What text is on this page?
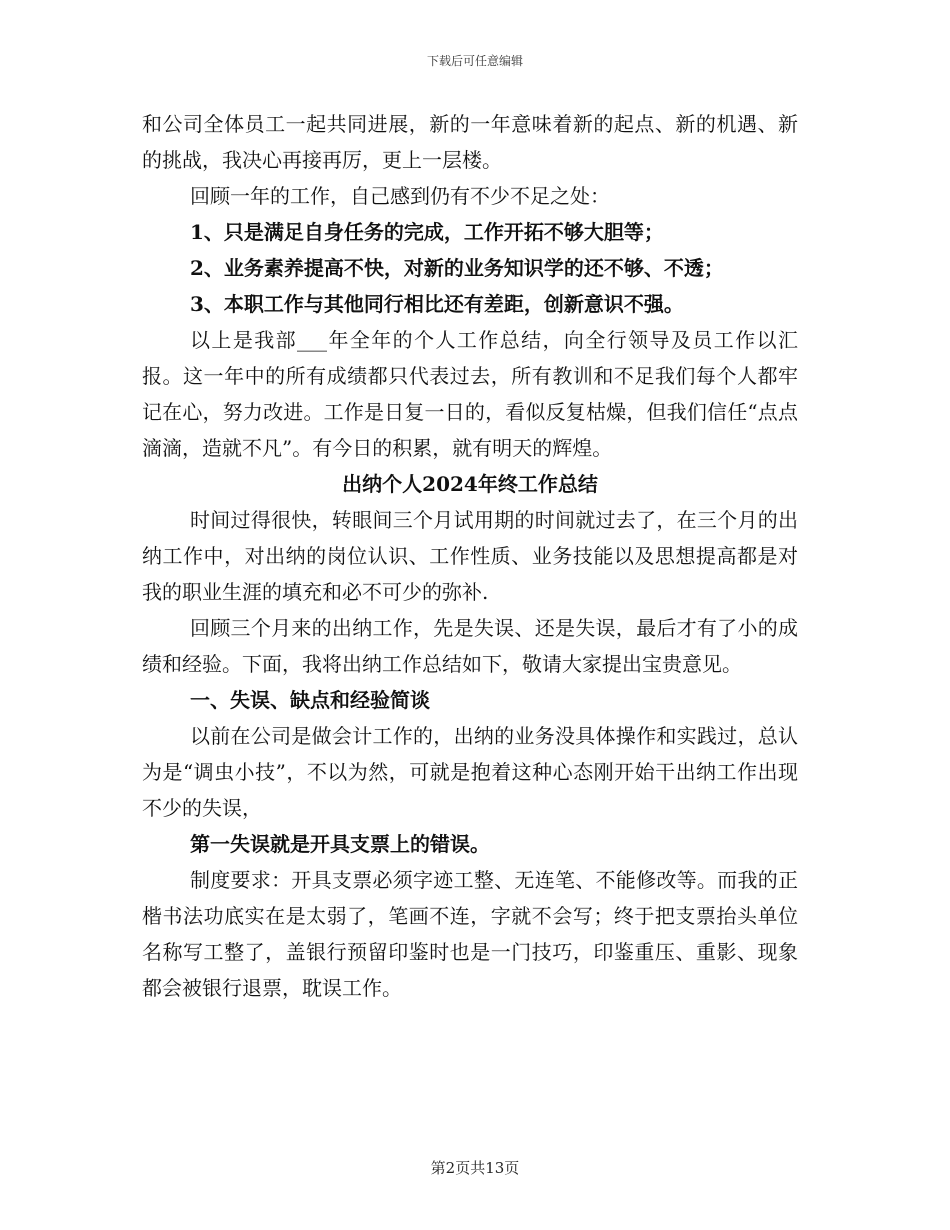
下载后可任意编辑

和公司全体员工一起共同进展，新的一年意味着新的起点、新的机遇、新的挑战，我决心再接再厉，更上一层楼。

回顾一年的工作，自己感到仍有不少不足之处：

1、只是满足自身任务的完成，工作开拓不够大胆等；

2、业务素养提高不快，对新的业务知识学的还不够、不透；

3、本职工作与其他同行相比还有差距，创新意识不强。

以上是我部___年全年的个人工作总结，向全行领导及员工作以汇报。这一年中的所有成绩都只代表过去，所有教训和不足我们每个人都牢记在心，努力改进。工作是日复一日的，看似反复枯燥，但我们信任“点点滴滴，造就不凡”。有今日的积累，就有明天的辉煌。

出纳个人2024年终工作总结

时间过得很快，转眼间三个月试用期的时间就过去了，在三个月的出纳工作中，对出纳的岗位认识、工作性质、业务技能以及思想提高都是对我的职业生涯的填充和必不可少的弥补.

回顾三个月来的出纳工作，先是失误、还是失误，最后才有了小的成绩和经验。下面，我将出纳工作总结如下，敬请大家提出宝贵意见。

一、失误、缺点和经验简谈

以前在公司是做会计工作的，出纳的业务没具体操作和实践过，总认为是“调虫小技”，不以为然，可就是抱着这种心态刚开始干出纳工作出现不少的失误，

第一失误就是开具支票上的错误。

制度要求：开具支票必须字迹工整、无连笔、不能修改等。而我的正楷书法功底实在是太弱了，笔画不连，字就不会写；终于把支票抬头单位名称写工整了，盖银行预留印鉴时也是一门技巧，印鉴重压、重影、现象都会被银行退票，耽误工作。

第2页共13页
